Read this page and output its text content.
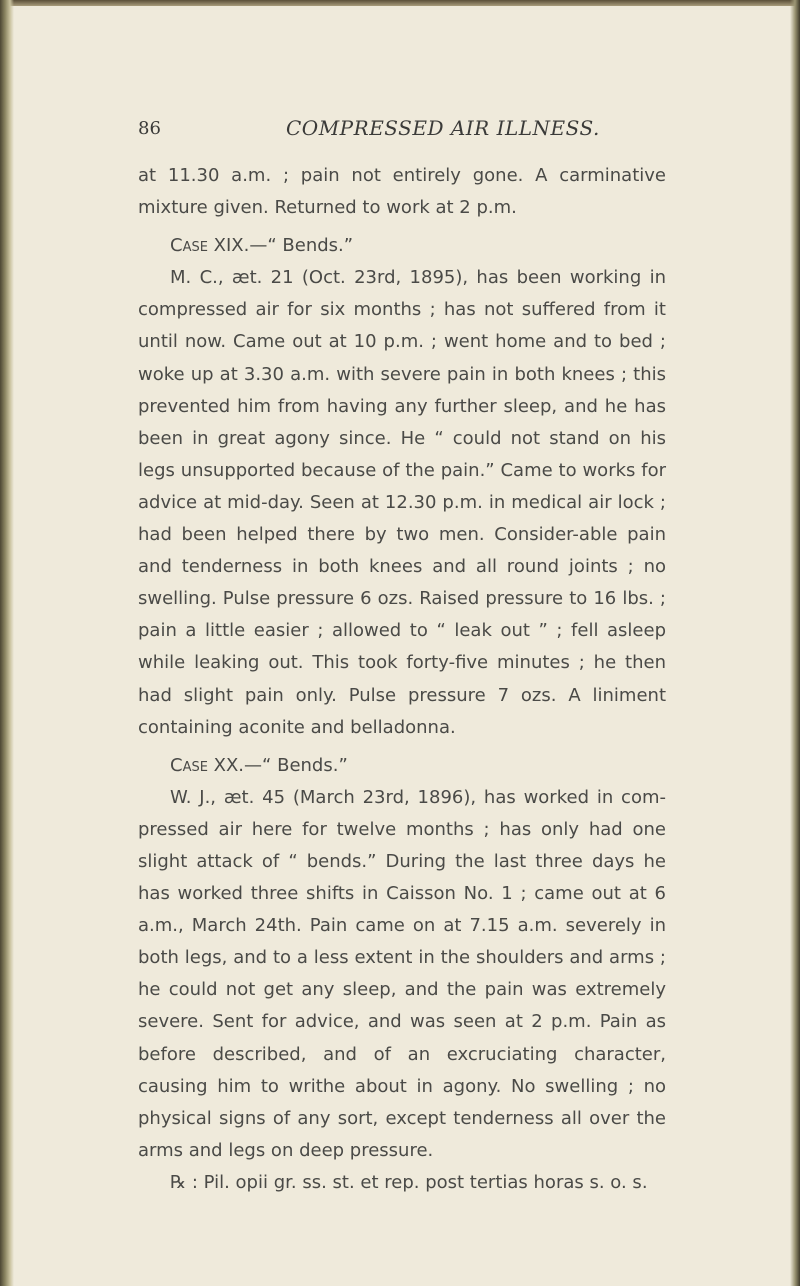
86	COMPRESSED AIR ILLNESS.

at 11.30 a.m. ; pain not entirely gone. A carminative mixture given. Returned to work at 2 p.m.

Case XIX.—“ Bends.”

M. C., æt. 21 (Oct. 23rd, 1895), has been working in compressed air for six months ; has not suffered from it until now. Came out at 10 p.m. ; went home and to bed ; woke up at 3.30 a.m. with severe pain in both knees ; this prevented him from having any further sleep, and he has been in great agony since. He “ could not stand on his legs unsupported because of the pain.” Came to works for advice at mid-day. Seen at 12.30 p.m. in medical air lock ; had been helped there by two men. Consider-able pain and tenderness in both knees and all round joints ; no swelling. Pulse pressure 6 ozs. Raised pressure to 16 lbs. ; pain a little easier ; allowed to “ leak out ” ; fell asleep while leaking out. This took forty-five minutes ; he then had slight pain only. Pulse pressure 7 ozs. A liniment containing aconite and belladonna.

Case XX.—“ Bends.”

W. J., æt. 45 (March 23rd, 1896), has worked in com-pressed air here for twelve months ; has only had one slight attack of “ bends.” During the last three days he has worked three shifts in Caisson No. 1 ; came out at 6 a.m., March 24th. Pain came on at 7.15 a.m. severely in both legs, and to a less extent in the shoulders and arms ; he could not get any sleep, and the pain was extremely severe. Sent for advice, and was seen at 2 p.m. Pain as before described, and of an excruciating character, causing him to writhe about in agony. No swelling ; no physical signs of any sort, except tenderness all over the arms and legs on deep pressure.

℞ : Pil. opii gr. ss. st. et rep. post tertias horas s. o. s.
